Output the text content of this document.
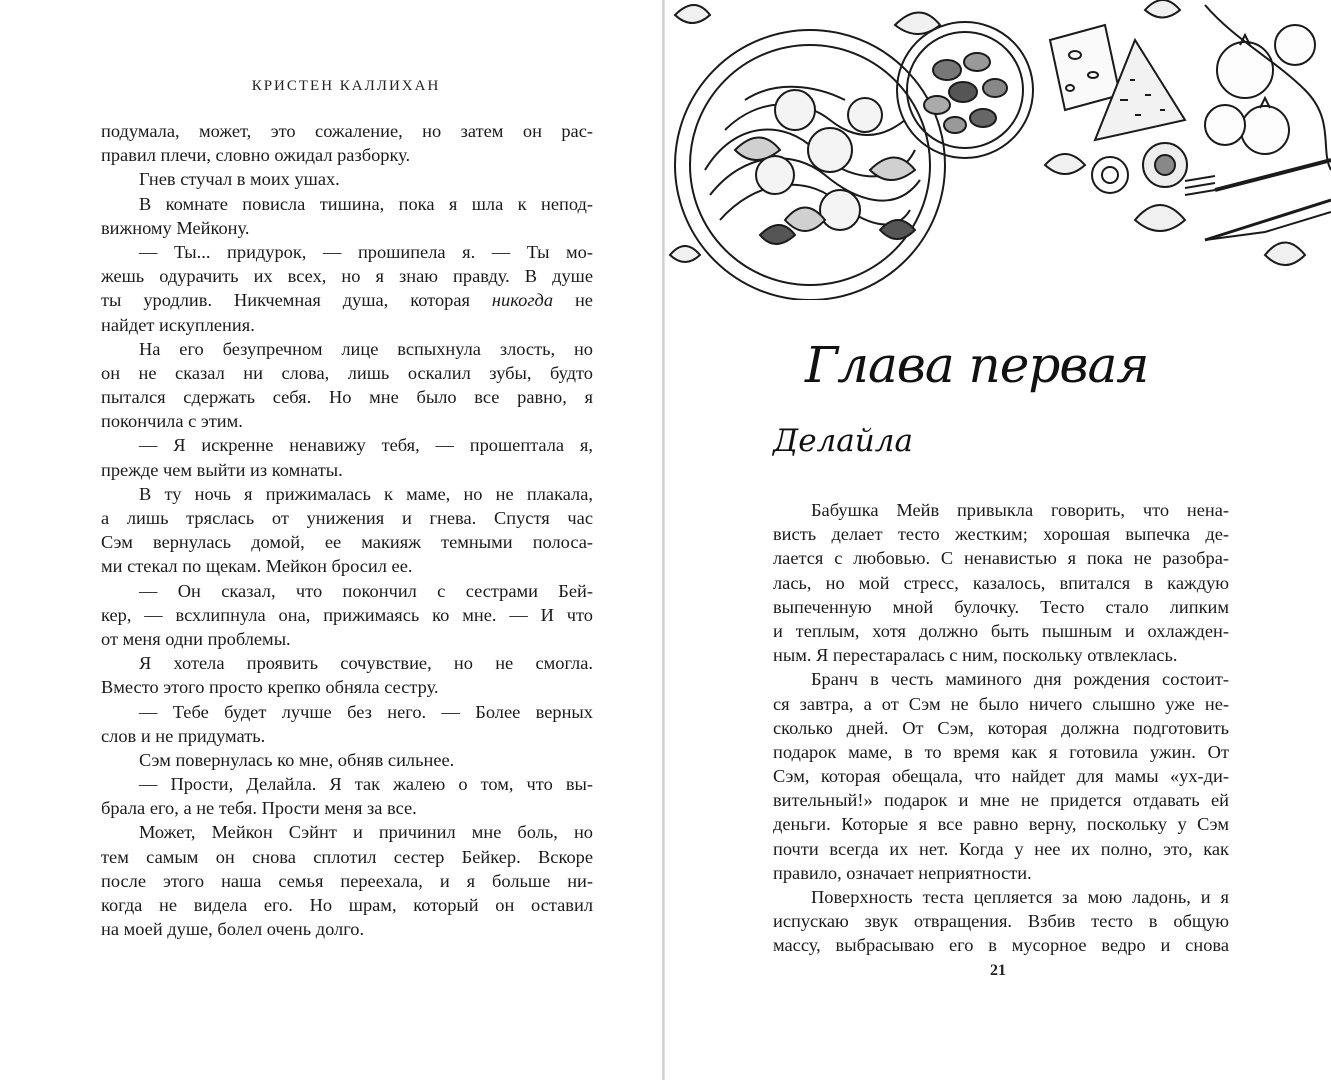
КРИСТЕН КАЛЛИХАН
подумала, может, это сожаление, но затем он рас-
правил плечи, словно ожидал разборку.
Гнев стучал в моих ушах.
В комнате повисла тишина, пока я шла к непод-
вижному Мейкону.
— Ты... придурок, — прошипела я. — Ты мо-
жешь одурачить их всех, но я знаю правду. В душе
ты уродлив. Никчемная душа, которая никогда не
найдет искупления.
На его безупречном лице вспыхнула злость, но
он не сказал ни слова, лишь оскалил зубы, будто
пытался сдержать себя. Но мне было все равно, я
покончила с этим.
— Я искренне ненавижу тебя, — прошептала я,
прежде чем выйти из комнаты.
В ту ночь я прижималась к маме, но не плакала,
а лишь тряслась от унижения и гнева. Спустя час
Сэм вернулась домой, ее макияж темными полоса-
ми стекал по щекам. Мейкон бросил ее.
— Он сказал, что покончил с сестрами Бей-
кер, — всхлипнула она, прижимаясь ко мне. — И что
от меня одни проблемы.
Я хотела проявить сочувствие, но не смогла.
Вместо этого просто крепко обняла сестру.
— Тебе будет лучше без него. — Более верных
слов и не придумать.
Сэм повернулась ко мне, обняв сильнее.
— Прости, Делайла. Я так жалею о том, что вы-
брала его, а не тебя. Прости меня за все.
Может, Мейкон Сэйнт и причинил мне боль, но
тем самым он снова сплотил сестер Бейкер. Вскоре
после этого наша семья переехала, и я больше ни-
когда не видела его. Но шрам, который он оставил
на моей душе, болел очень долго.
Глава первая
Делайла
Бабушка Мейв привыкла говорить, что нена-
висть делает тесто жестким; хорошая выпечка де-
лается с любовью. С ненавистью я пока не разобра-
лась, но мой стресс, казалось, впитался в каждую
выпеченную мной булочку. Тесто стало липким
и теплым, хотя должно быть пышным и охлажден-
ным. Я перестаралась с ним, поскольку отвлеклась.
Бранч в честь маминого дня рождения состоит-
ся завтра, а от Сэм не было ничего слышно уже не-
сколько дней. От Сэм, которая должна подготовить
подарок маме, в то время как я готовила ужин. От
Сэм, которая обещала, что найдет для мамы «ух-ди-
вительный!» подарок и мне не придется отдавать ей
деньги. Которые я все равно верну, поскольку у Сэм
почти всегда их нет. Когда у нее их полно, это, как
правило, означает неприятности.
Поверхность теста цепляется за мою ладонь, и я
испускаю звук отвращения. Взбив тесто в общую
массу, выбрасываю его в мусорное ведро и снова
21
